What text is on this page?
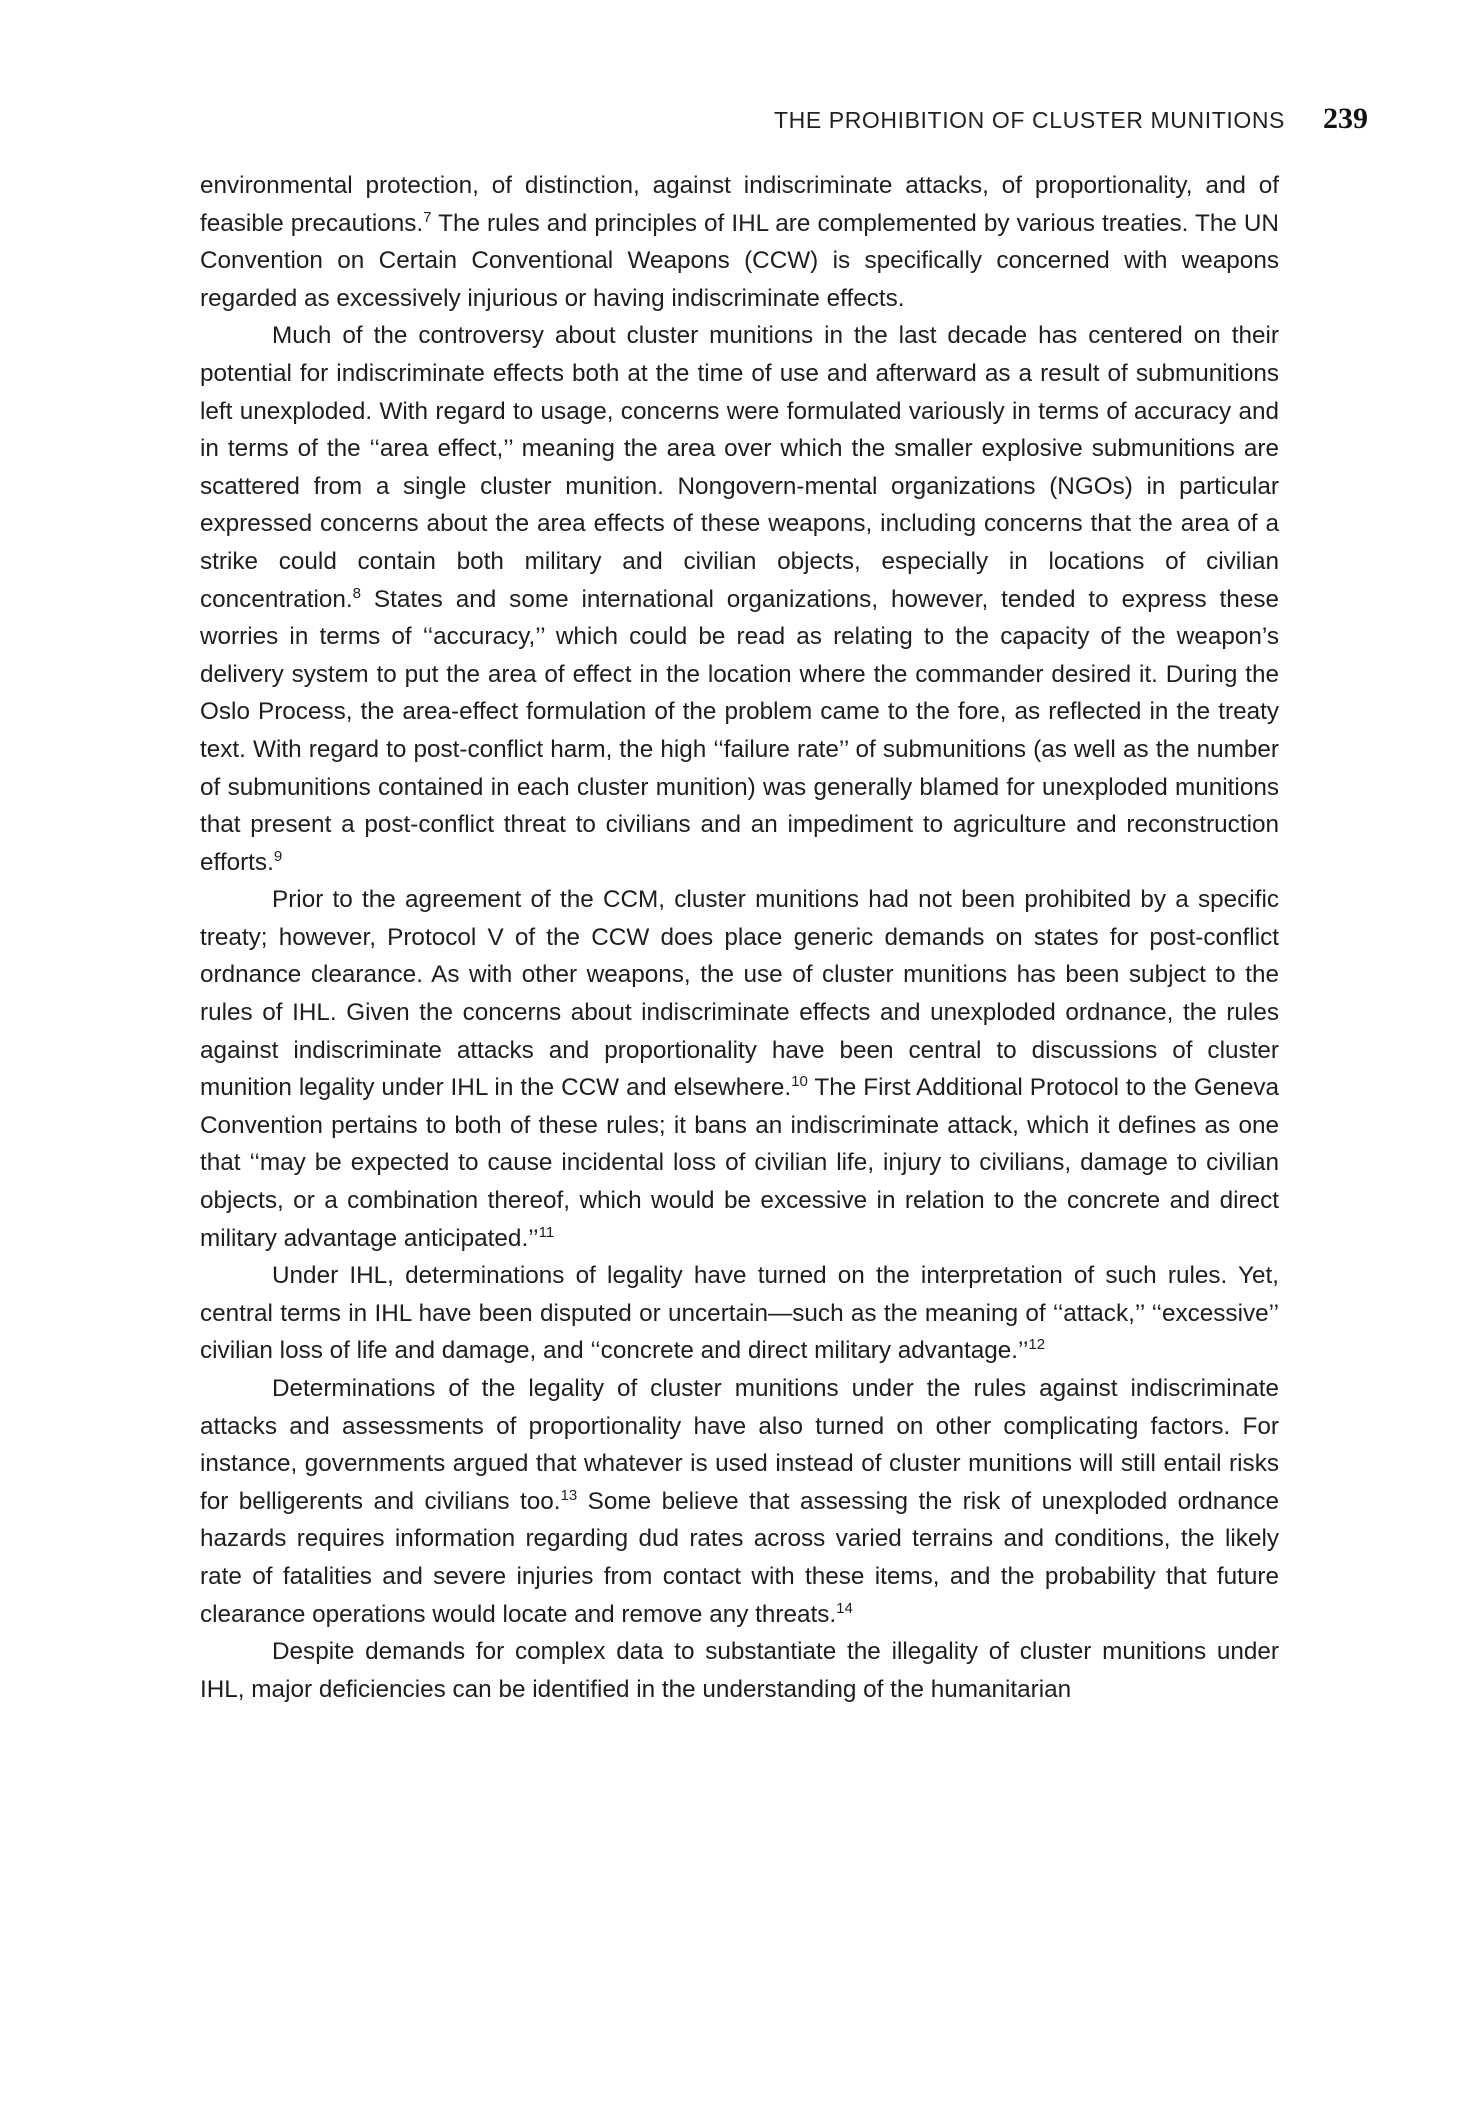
THE PROHIBITION OF CLUSTER MUNITIONS 239

environmental protection, of distinction, against indiscriminate attacks, of proportionality, and of feasible precautions.$^7$ The rules and principles of IHL are complemented by various treaties. The UN Convention on Certain Conventional Weapons (CCW) is specifically concerned with weapons regarded as excessively injurious or having indiscriminate effects.

Much of the controversy about cluster munitions in the last decade has centered on their potential for indiscriminate effects both at the time of use and afterward as a result of submunitions left unexploded. With regard to usage, concerns were formulated variously in terms of accuracy and in terms of the ‘‘area effect,’’ meaning the area over which the smaller explosive submunitions are scattered from a single cluster munition. Nongovern-mental organizations (NGOs) in particular expressed concerns about the area effects of these weapons, including concerns that the area of a strike could contain both military and civilian objects, especially in locations of civilian concentration.$^8$ States and some international organizations, however, tended to express these worries in terms of ‘‘accuracy,’’ which could be read as relating to the capacity of the weapon’s delivery system to put the area of effect in the location where the commander desired it. During the Oslo Process, the area-effect formulation of the problem came to the fore, as reflected in the treaty text. With regard to post-conflict harm, the high ‘‘failure rate’’ of submunitions (as well as the number of submunitions contained in each cluster munition) was generally blamed for unexploded munitions that present a post-conflict threat to civilians and an impediment to agriculture and reconstruction efforts.$^9$

Prior to the agreement of the CCM, cluster munitions had not been prohibited by a specific treaty; however, Protocol V of the CCW does place generic demands on states for post-conflict ordnance clearance. As with other weapons, the use of cluster munitions has been subject to the rules of IHL. Given the concerns about indiscriminate effects and unexploded ordnance, the rules against indiscriminate attacks and proportionality have been central to discussions of cluster munition legality under IHL in the CCW and elsewhere.$^{10}$ The First Additional Protocol to the Geneva Convention pertains to both of these rules; it bans an indiscriminate attack, which it defines as one that ‘‘may be expected to cause incidental loss of civilian life, injury to civilians, damage to civilian objects, or a combination thereof, which would be excessive in relation to the concrete and direct military advantage anticipated.’’$^{11}$

Under IHL, determinations of legality have turned on the interpretation of such rules. Yet, central terms in IHL have been disputed or uncertain—such as the meaning of ‘‘attack,’’ ‘‘excessive’’ civilian loss of life and damage, and ‘‘concrete and direct military advantage.’’$^{12}$

Determinations of the legality of cluster munitions under the rules against indiscriminate attacks and assessments of proportionality have also turned on other complicating factors. For instance, governments argued that whatever is used instead of cluster munitions will still entail risks for belligerents and civilians too.$^{13}$ Some believe that assessing the risk of unexploded ordnance hazards requires information regarding dud rates across varied terrains and conditions, the likely rate of fatalities and severe injuries from contact with these items, and the probability that future clearance operations would locate and remove any threats.$^{14}$

Despite demands for complex data to substantiate the illegality of cluster munitions under IHL, major deficiencies can be identified in the understanding of the humanitarian
